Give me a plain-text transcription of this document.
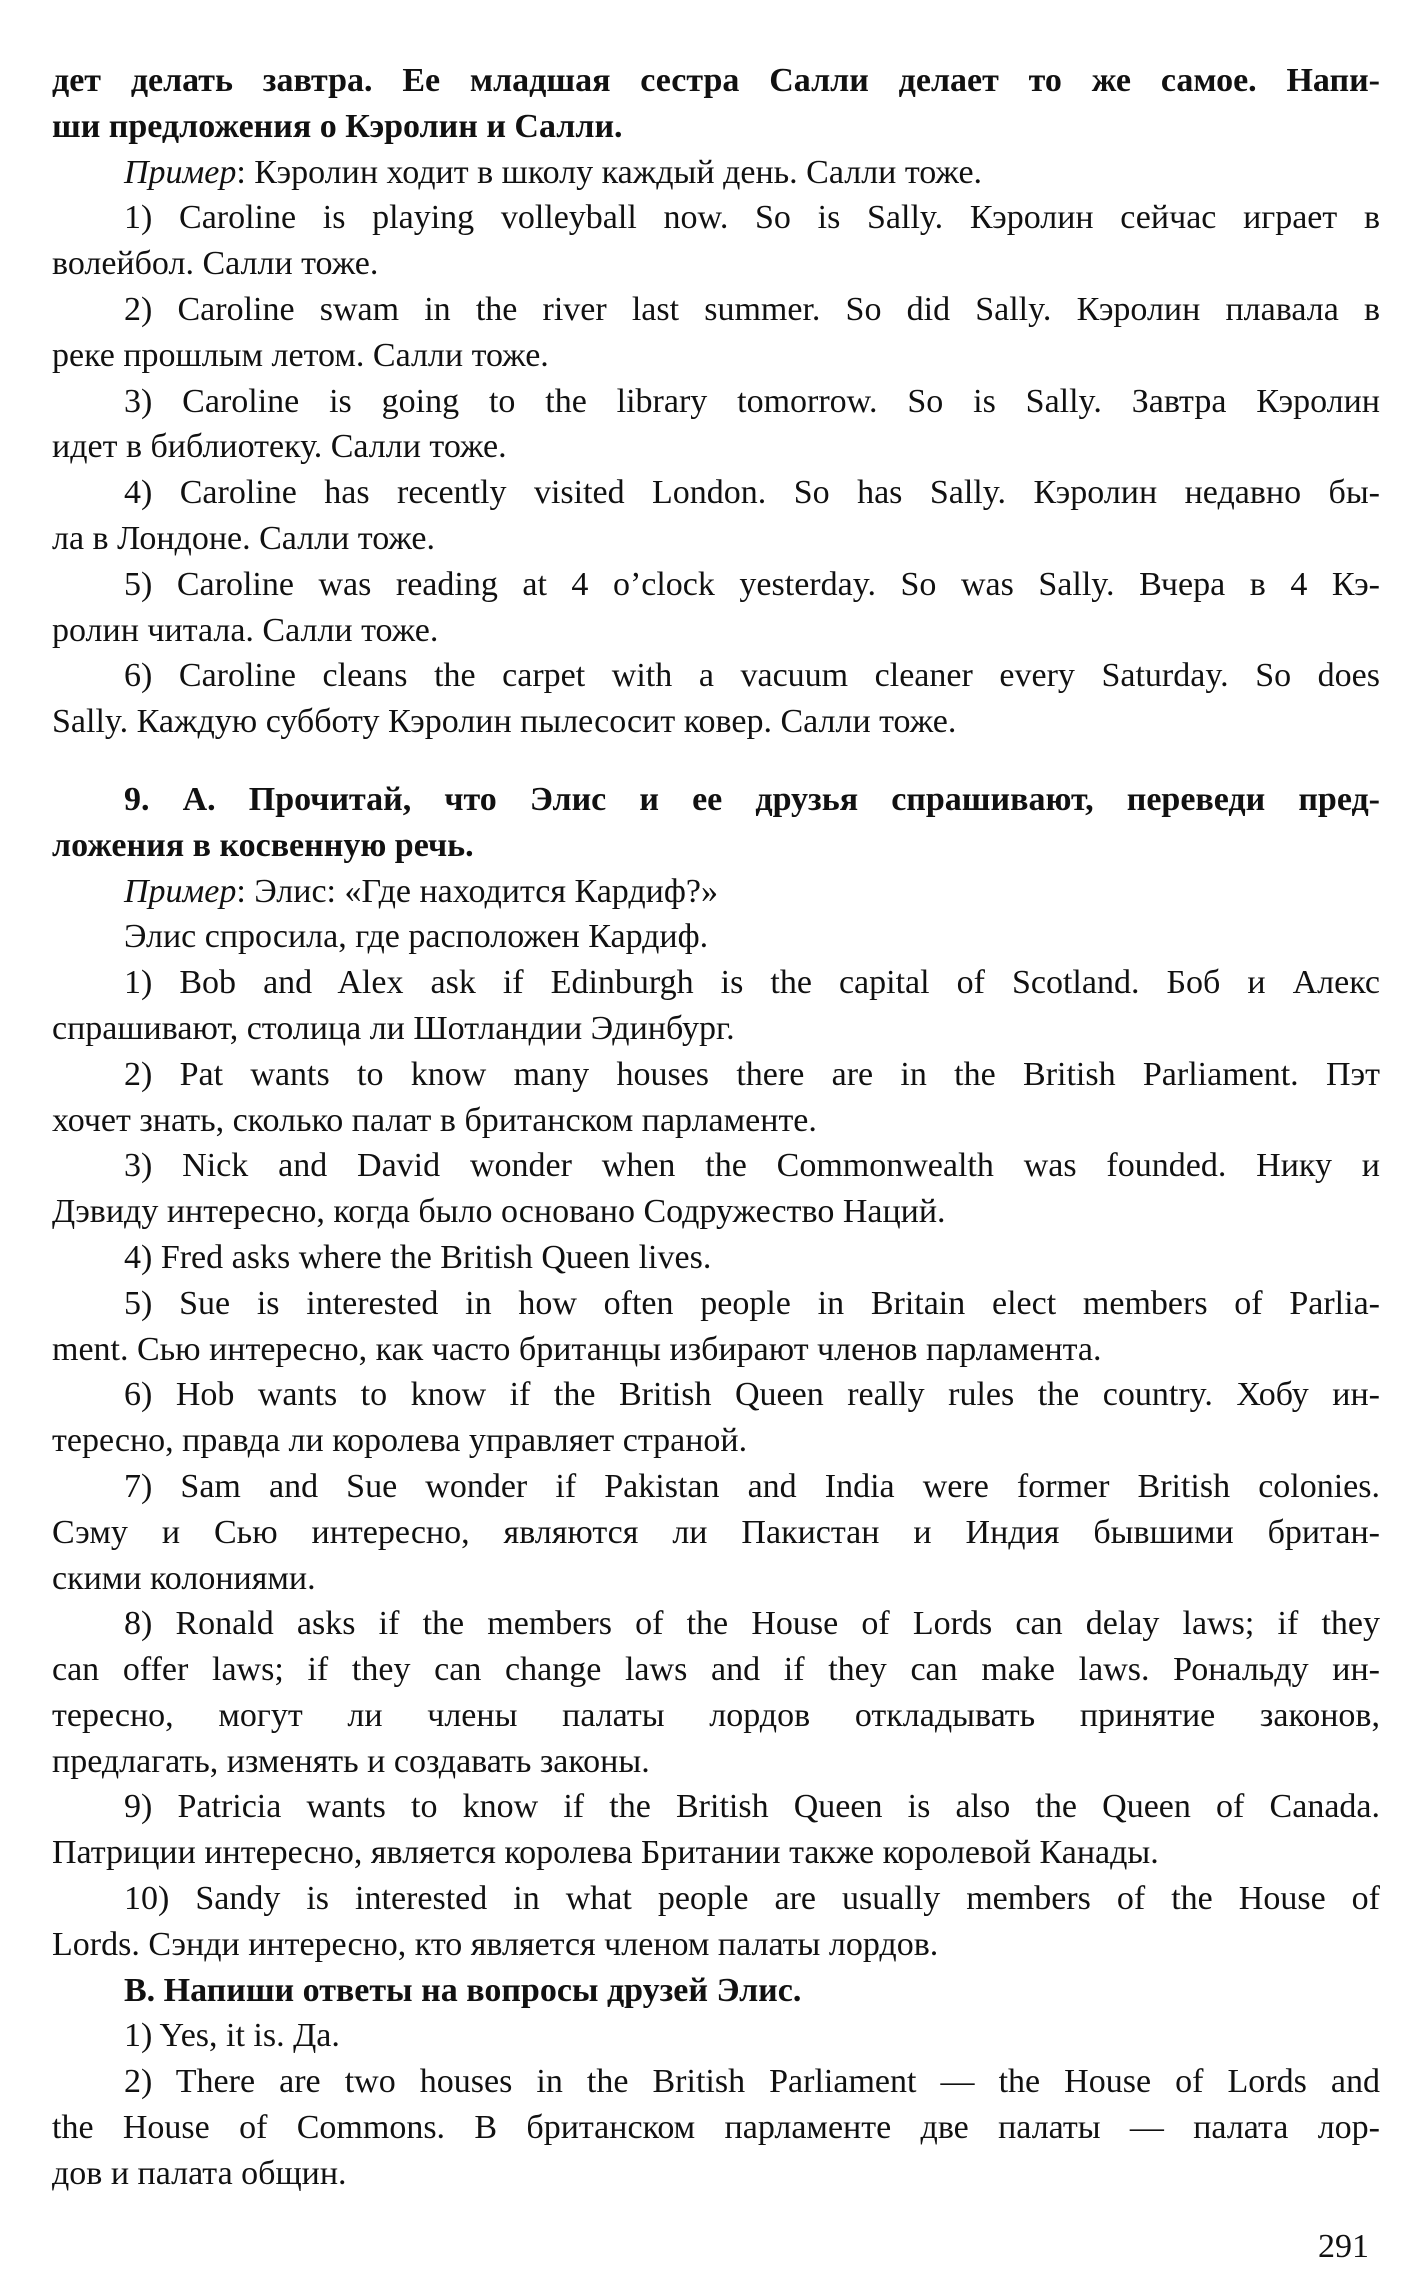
дет делать завтра. Ее младшая сестра Салли делает то же самое. Напи-
ши предложения о Кэролин и Салли.
Пример: Кэролин ходит в школу каждый день. Салли тоже.
1) Caroline is playing volleyball now. So is Sally. Кэролин сейчас играет в
волейбол. Салли тоже.
2) Caroline swam in the river last summer. So did Sally. Кэролин плавала в
реке прошлым летом. Салли тоже.
3) Caroline is going to the library tomorrow. So is Sally. Завтра Кэролин
идет в библиотеку. Салли тоже.
4) Caroline has recently visited London. So has Sally. Кэролин недавно бы-
ла в Лондоне. Салли тоже.
5) Caroline was reading at 4 o’clock yesterday. So was Sally. Вчера в 4 Кэ-
ролин читала. Салли тоже.
6) Caroline cleans the carpet with a vacuum cleaner every Saturday. So does
Sally. Каждую субботу Кэролин пылесосит ковер. Салли тоже.
9. А. Прочитай, что Элис и ее друзья спрашивают, переведи пред-
ложения в косвенную речь.
Пример: Элис: «Где находится Кардиф?»
Элис спросила, где расположен Кардиф.
1) Bob and Alex ask if Edinburgh is the capital of Scotland. Боб и Алекс
спрашивают, столица ли Шотландии Эдинбург.
2) Pat wants to know many houses there are in the British Parliament. Пэт
хочет знать, сколько палат в британском парламенте.
3) Nick and David wonder when the Commonwealth was founded. Нику и
Дэвиду интересно, когда было основано Содружество Наций.
4) Fred asks where the British Queen lives.
5) Sue is interested in how often people in Britain elect members of Parlia-
ment. Сью интересно, как часто британцы избирают членов парламента.
6) Hob wants to know if the British Queen really rules the country. Хобу ин-
тересно, правда ли королева управляет страной.
7) Sam and Sue wonder if Pakistan and India were former British colonies.
Сэму и Сью интересно, являются ли Пакистан и Индия бывшими британ-
скими колониями.
8) Ronald asks if the members of the House of Lords can delay laws; if they
can offer laws; if they can change laws and if they can make laws. Рональду ин-
тересно, могут ли члены палаты лордов откладывать принятие законов,
предлагать, изменять и создавать законы.
9) Patricia wants to know if the British Queen is also the Queen of Canada.
Патриции интересно, является королева Британии также королевой Канады.
10) Sandy is interested in what people are usually members of the House of
Lords. Сэнди интересно, кто является членом палаты лордов.
В. Напиши ответы на вопросы друзей Элис.
1) Yes, it is. Да.
2) There are two houses in the British Parliament — the House of Lords and
the House of Commons. В британском парламенте две палаты — палата лор-
дов и палата общин.
291
